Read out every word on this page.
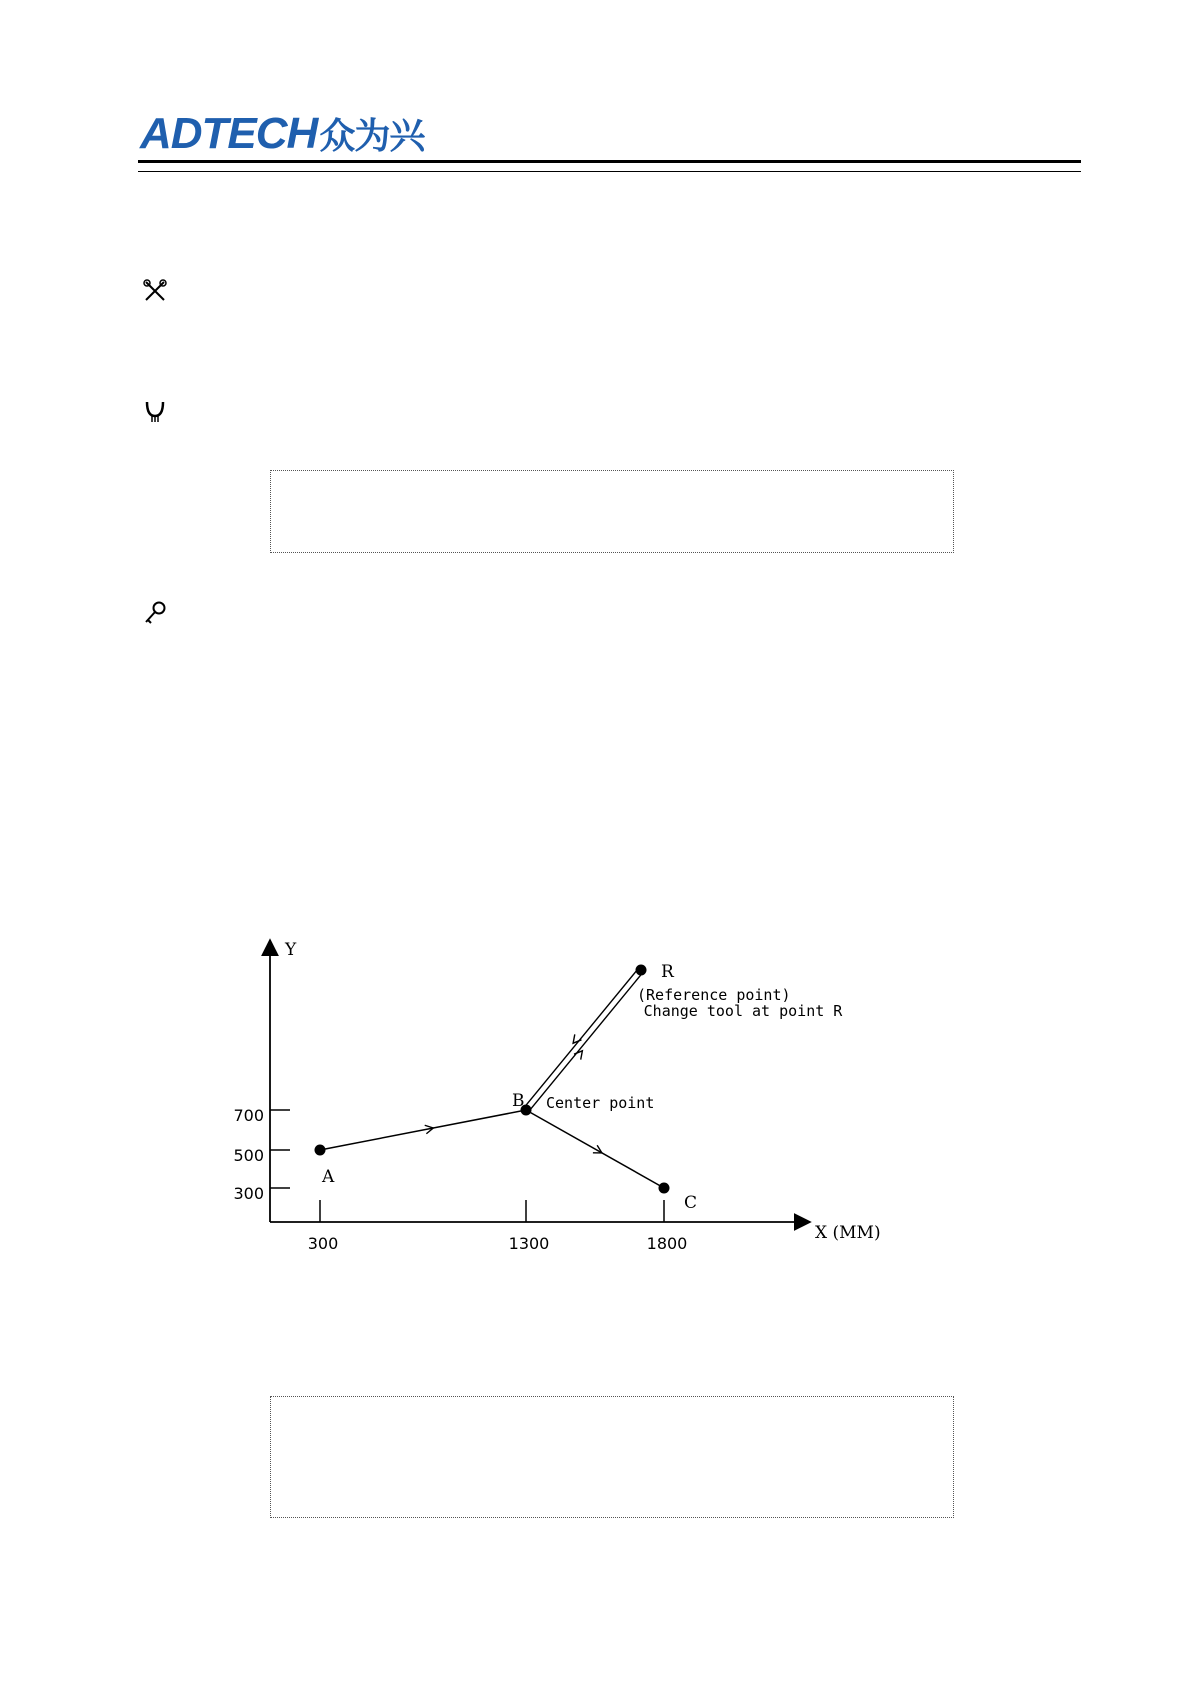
ADTECH众为兴
Y
X (MM)
700
500
300
300	1300	1800
A
B Center point
C
R
(Reference point)
Change tool at point R
